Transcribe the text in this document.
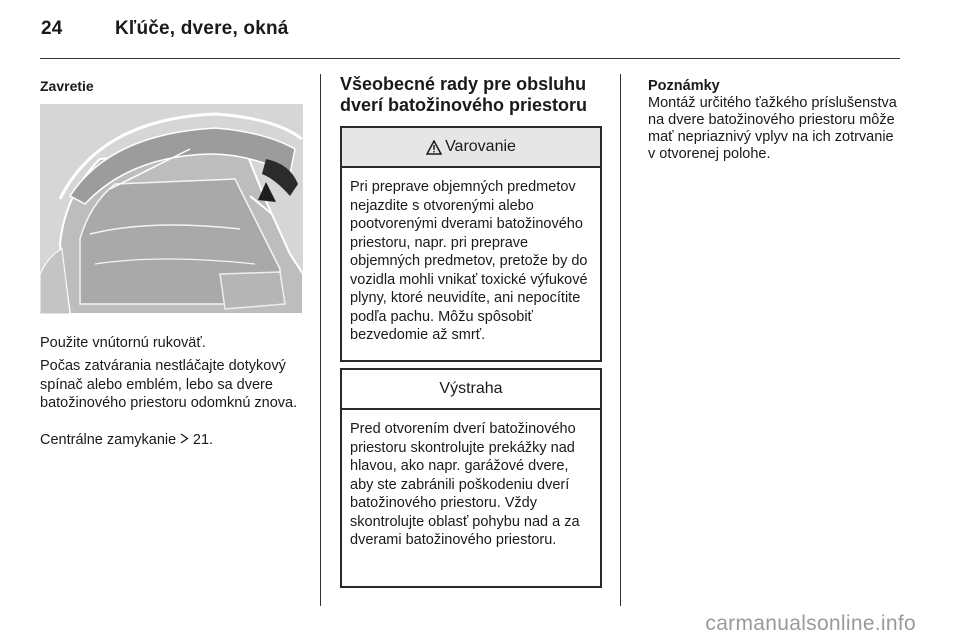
24	Kľúče, dvere, okná
Zavretie
Použite vnútornú rukoväť.
Počas zatvárania nestláčajte dotykový spínač alebo emblém, lebo sa dvere batožinového priestoru odomknú znova.
Centrálne zamykanie 21.
Všeobecné rady pre obsluhu dverí batožinového priestoru
Varovanie
Pri preprave objemných predmetov nejazdite s otvorenými alebo pootvorenými dverami batožinového priestoru, napr. pri preprave objemných predmetov, pretože by do vozidla mohli vnikať toxické výfukové plyny, ktoré neuvidíte, ani nepocítite podľa pachu. Môžu spôsobiť bezvedomie až smrť.
Výstraha
Pred otvorením dverí batožinového priestoru skontrolujte prekážky nad hlavou, ako napr. garážové dvere, aby ste zabránili poškodeniu dverí batožinového priestoru. Vždy skontrolujte oblasť pohybu nad a za dverami batožinového priestoru.
Poznámky
Montáž určitého ťažkého príslušenstva na dvere batožinového priestoru môže mať nepriaznivý vplyv na ich zotrvanie v otvorenej polohe.
carmanualsonline.info
